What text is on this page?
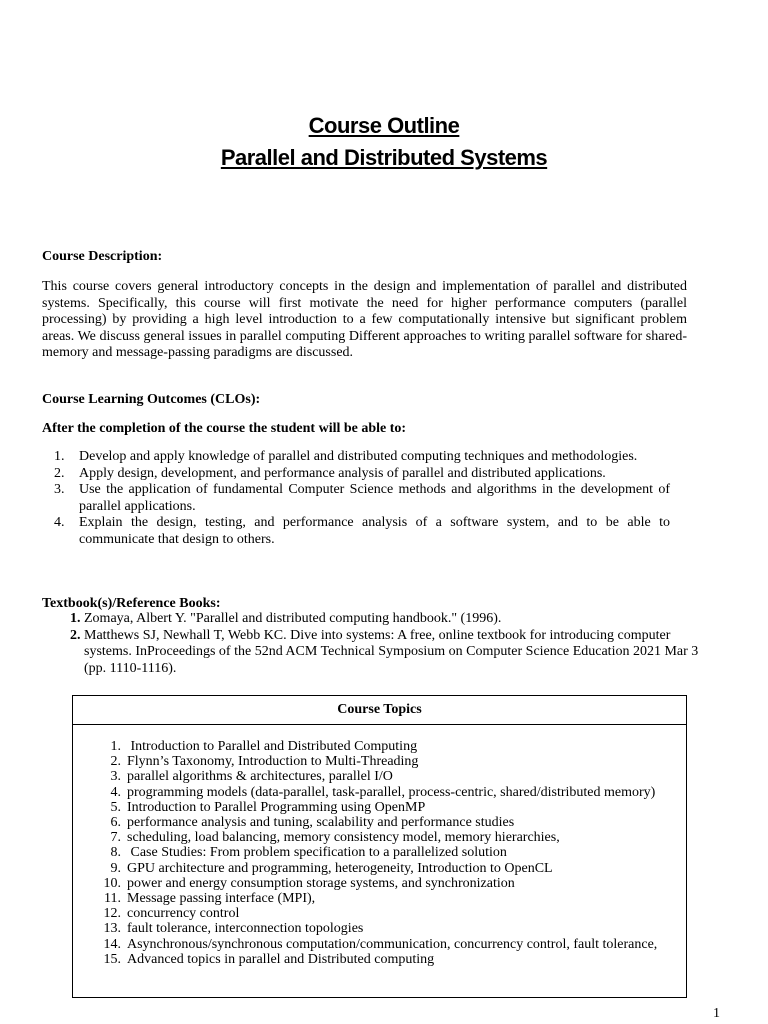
Course Outline
Parallel and Distributed Systems
Course Description:
This course covers general introductory concepts in the design and implementation of parallel and distributed systems. Specifically, this course will first motivate the need for higher performance computers (parallel processing) by providing a high level introduction to a few computationally intensive but significant problem areas. We discuss general issues in parallel computing Different approaches to writing parallel software for shared-memory and message-passing paradigms are discussed.
Course Learning Outcomes (CLOs):
After the completion of the course the student will be able to:
1. Develop and apply knowledge of parallel and distributed computing techniques and methodologies.
2. Apply design, development, and performance analysis of parallel and distributed applications.
3. Use the application of fundamental Computer Science methods and algorithms in the development of parallel applications.
4. Explain the design, testing, and performance analysis of a software system, and to be able to communicate that design to others.
Textbook(s)/Reference Books:
1. Zomaya, Albert Y. "Parallel and distributed computing handbook." (1996).
2. Matthews SJ, Newhall T, Webb KC. Dive into systems: A free, online textbook for introducing computer systems. InProceedings of the 52nd ACM Technical Symposium on Computer Science Education 2021 Mar 3 (pp. 1110-1116).
Course Topics
1. Introduction to Parallel and Distributed Computing
2. Flynn’s Taxonomy, Introduction to Multi-Threading
3. parallel algorithms & architectures, parallel I/O
4. programming models (data-parallel, task-parallel, process-centric, shared/distributed memory)
5. Introduction to Parallel Programming using OpenMP
6. performance analysis and tuning, scalability and performance studies
7. scheduling, load balancing, memory consistency model, memory hierarchies,
8. Case Studies: From problem specification to a parallelized solution
9. GPU architecture and programming, heterogeneity, Introduction to OpenCL
10. power and energy consumption storage systems, and synchronization
11. Message passing interface (MPI),
12. concurrency control
13. fault tolerance, interconnection topologies
14. Asynchronous/synchronous computation/communication, concurrency control, fault tolerance,
15. Advanced topics in parallel and Distributed computing
1
